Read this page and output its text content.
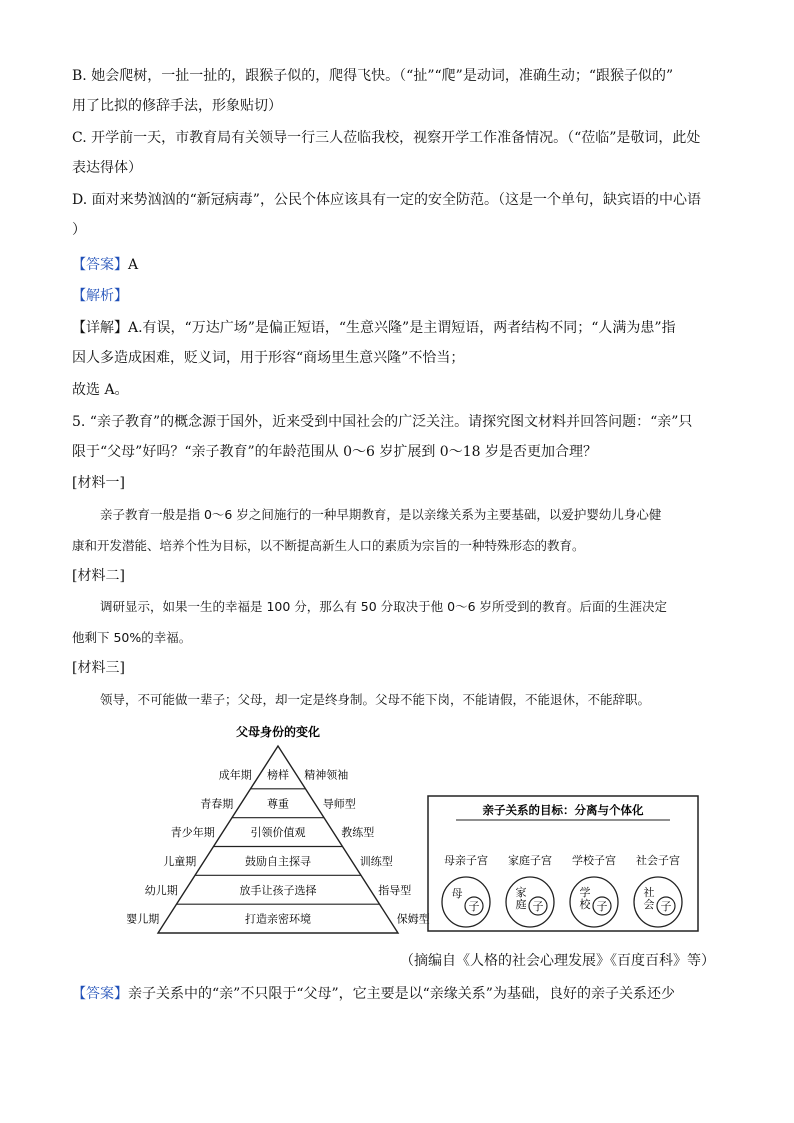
B. 她会爬树，一扯一扯的，跟猴子似的，爬得飞快。（“扯”“爬”是动词，准确生动；“跟猴子似的”
用了比拟的修辞手法，形象贴切）
C. 开学前一天，市教育局有关领导一行三人莅临我校，视察开学工作准备情况。（“莅临”是敬词，此处
表达得体）
D. 面对来势汹汹的“新冠病毒”，公民个体应该具有一定的安全防范。（这是一个单句，缺宾语的中心语
）
【答案】A
【解析】
【详解】A.有误，“万达广场”是偏正短语，“生意兴隆”是主谓短语，两者结构不同；“人满为患”指
因人多造成困难，贬义词，用于形容“商场里生意兴隆”不恰当；
故选 A。
5. “亲子教育”的概念源于国外，近来受到中国社会的广泛关注。请探究图文材料并回答问题：“亲”只
限于“父母”好吗？“亲子教育”的年龄范围从 0～6 岁扩展到 0～18 岁是否更加合理？
[材料一]
亲子教育一般是指 0～6 岁之间施行的一种早期教育，是以亲缘关系为主要基础，以爱护婴幼儿身心健
康和开发潜能、培养个性为目标，以不断提高新生人口的素质为宗旨的一种特殊形态的教育。
[材料二]
调研显示，如果一生的幸福是 100 分，那么有 50 分取决于他 0～6 岁所受到的教育。后面的生涯决定
他剩下 50%的幸福。
[材料三]
领导，不可能做一辈子；父母，却一定是终身制。父母不能下岗，不能请假，不能退休，不能辞职。
父母身份的变化
榜样
成年期	精神领袖
尊重
青春期	导师型
引领价值观
青少年期	教练型
鼓励自主探寻
儿童期	训练型
放手让孩子选择
幼儿期	指导型
打造亲密环境
婴儿期	保姆型
亲子关系的目标：分离与个体化
母亲子宫
母
子
家庭子宫
家
庭 子
学校子宫
学
校 子
社会子宫
社
会 子
（摘编自《人格的社会心理发展》《百度百科》等）
【答案】亲子关系中的“亲”不只限于“父母”，它主要是以“亲缘关系”为基础，良好的亲子关系还少
